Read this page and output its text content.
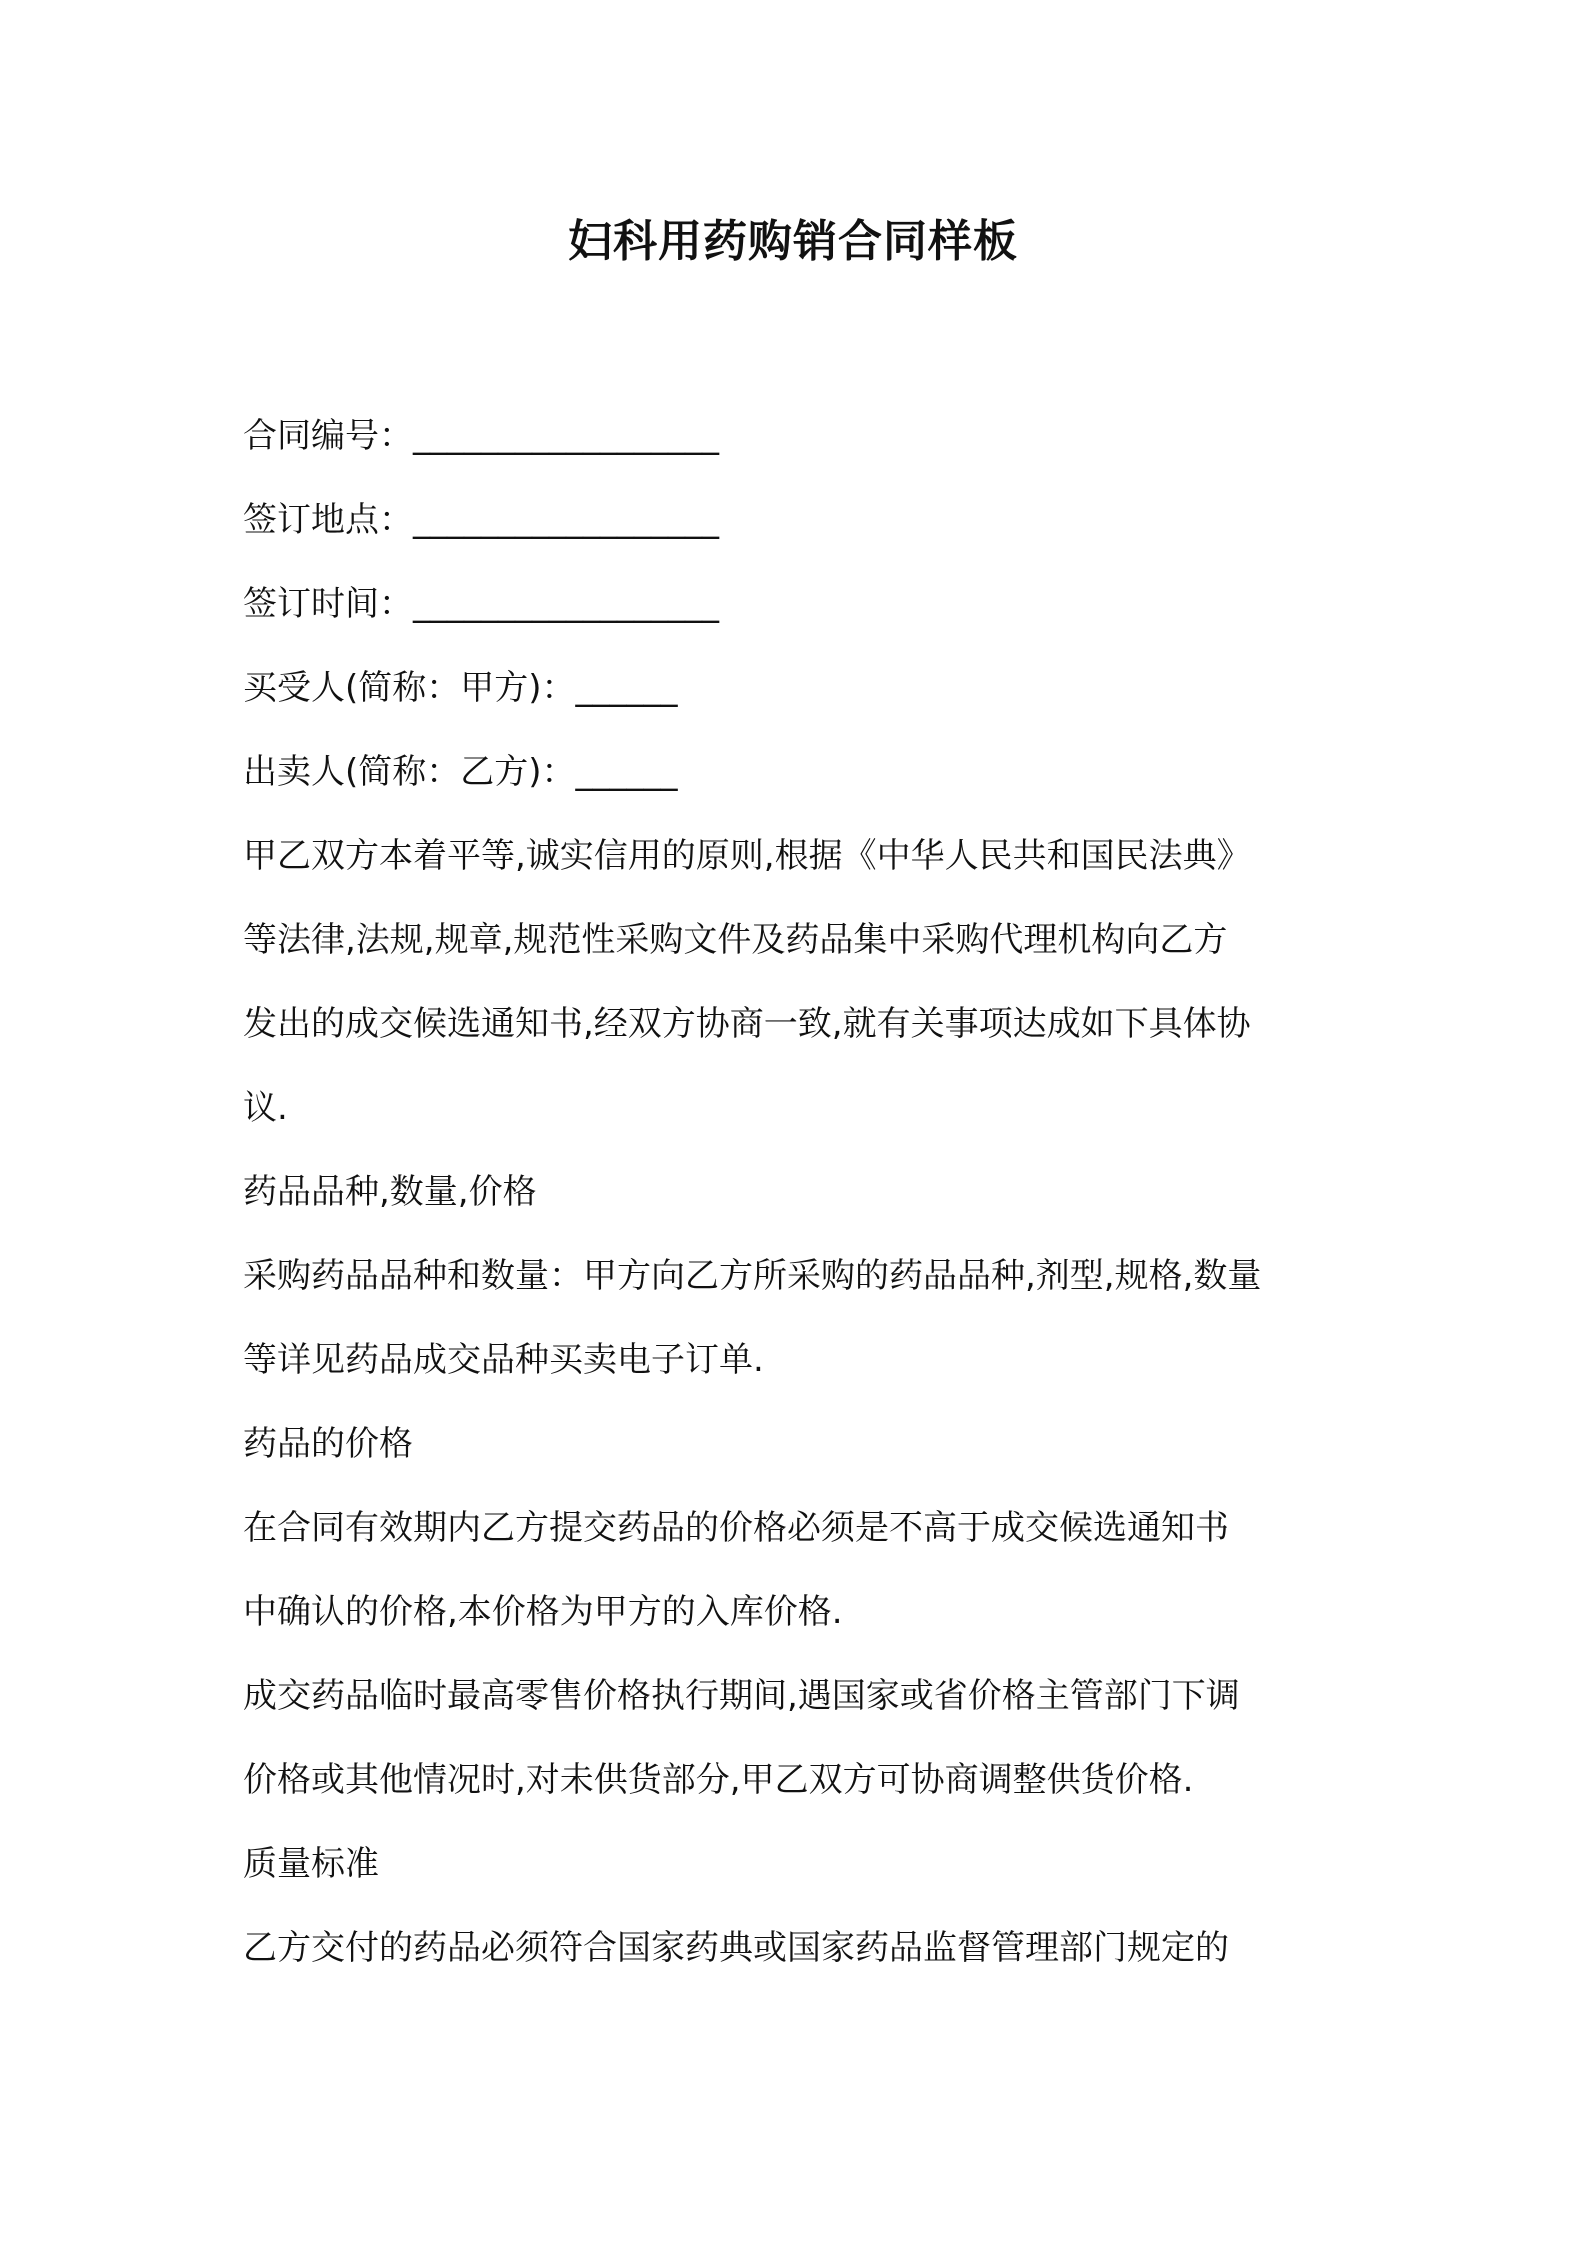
妇科用药购销合同样板
合同编号：__________________
签订地点：__________________
签订时间：__________________
买受人(简称：甲方)：______
出卖人(简称：乙方)：______

甲乙双方本着平等,诚实信用的原则,根据《中华人民共和国民法典》

等法律,法规,规章,规范性采购文件及药品集中采购代理机构向乙方

发出的成交候选通知书,经双方协商一致,就有关事项达成如下具体协

议.

药品品种,数量,价格

采购药品品种和数量：甲方向乙方所采购的药品品种,剂型,规格,数量

等详见药品成交品种买卖电子订单.

药品的价格

在合同有效期内乙方提交药品的价格必须是不高于成交候选通知书

中确认的价格,本价格为甲方的入库价格.

成交药品临时最高零售价格执行期间,遇国家或省价格主管部门下调

价格或其他情况时,对未供货部分,甲乙双方可协商调整供货价格.

质量标准

乙方交付的药品必须符合国家药典或国家药品监督管理部门规定的
